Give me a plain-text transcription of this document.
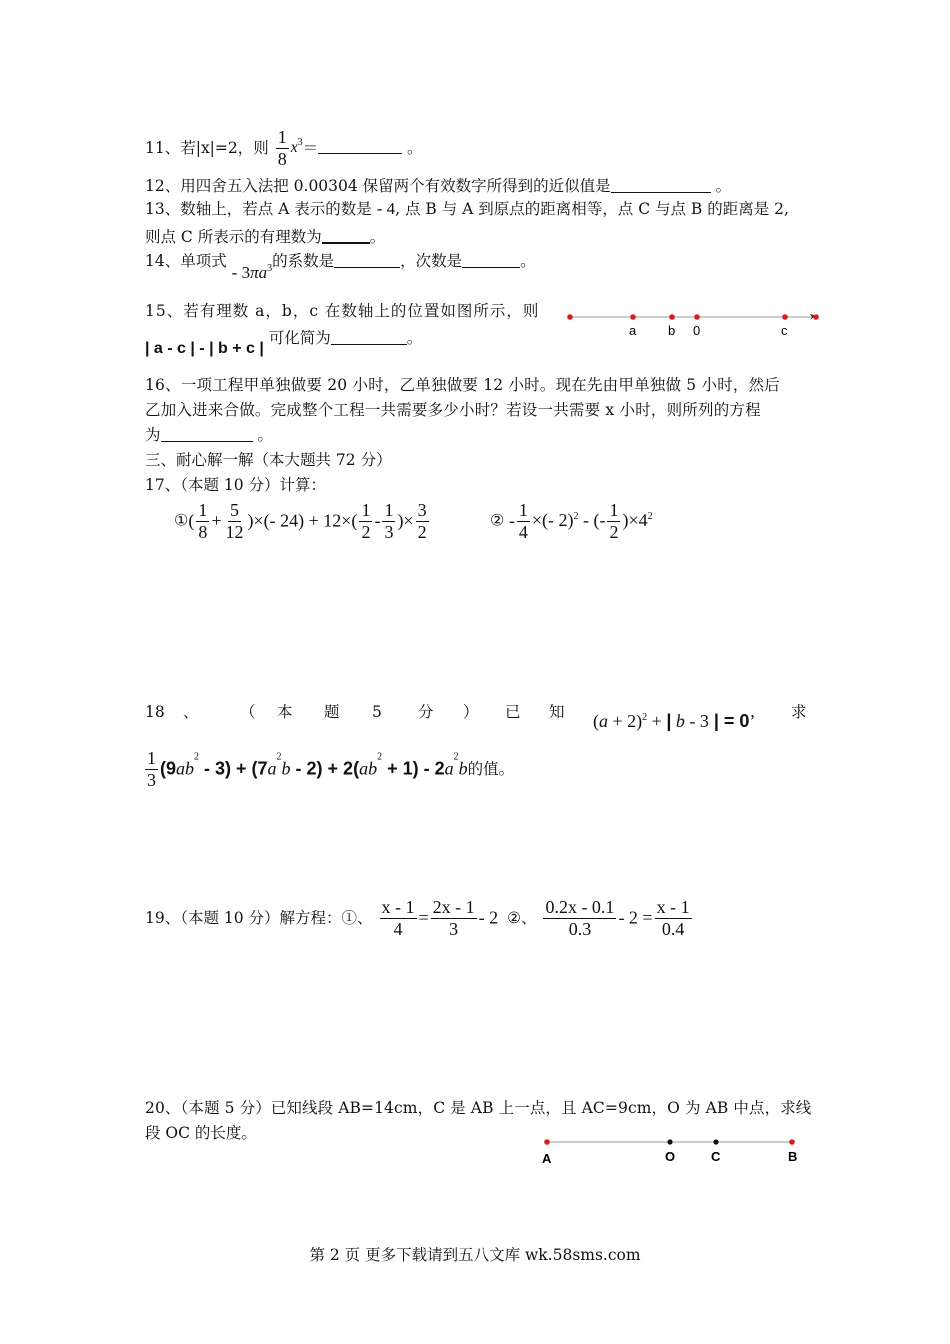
11、若|x|=2，则 $\frac{1}{8} x^3=$	。
12、用四舍五入法把 0.00304 保留两个有效数字所得到的近似值是	。
13、数轴上，若点 A 表示的数是 - 4, 点 B 与 A 到原点的距离相等，点 C 与点 B 的距离是 2,
则点 C 所表示的有理数为	。
14、单项式 - $3\pi a^3$的系数是	，次数是	。
15、若有理数 a，b，c 在数轴上的位置如图所示，则
| a - c | - | b + c | 可化简为	。	a b 0	c
16、一项工程甲单独做要 20 小时，乙单独做要 12 小时。现在先由甲单独做 5 小时，然后
乙加入进来合做。完成整个工程一共需要多少小时？若设一共需要 x 小时，则所列的方程
为	。
三、耐心解一解（本大题共 72 分）
17、（本题 10 分）计算：
①( $\frac{1}{8} + \frac{5}{12}$ )×(- $24) + 12\times( \frac{1}{2} - \frac{1}{3}$ )× $\frac{3}{2}$	② - $\frac{1}{4}$ ×(- 2)$^2$ - (- $\frac{1}{2} )\times 4^2$
18	、	（	本	题	5	分	）	已	知	$(a + 2)^2$ + | b - 3 | = 0’ 求
$\frac{1}{3} (9ab^2 - 3) + (7a^2b - 2) + 2(ab^2 + 1) - 2a^2b$的值。
19、（本题 10 分）解方程：①、 $\frac{x - 1}{4} = \frac{2x - 1}{3} - 2$ ②、 $\frac{0.2x - 0.1}{0.3} - 2 = \frac{x - 1}{0.4}$
20、（本题 5 分）已知线段 AB=14cm，C 是 AB 上一点，且 AC=9cm，O 为 AB 中点，求线
段 OC 的长度。
A	O	C	B
第 2 页 更多下载请到五八文库 wk.58sms.com
